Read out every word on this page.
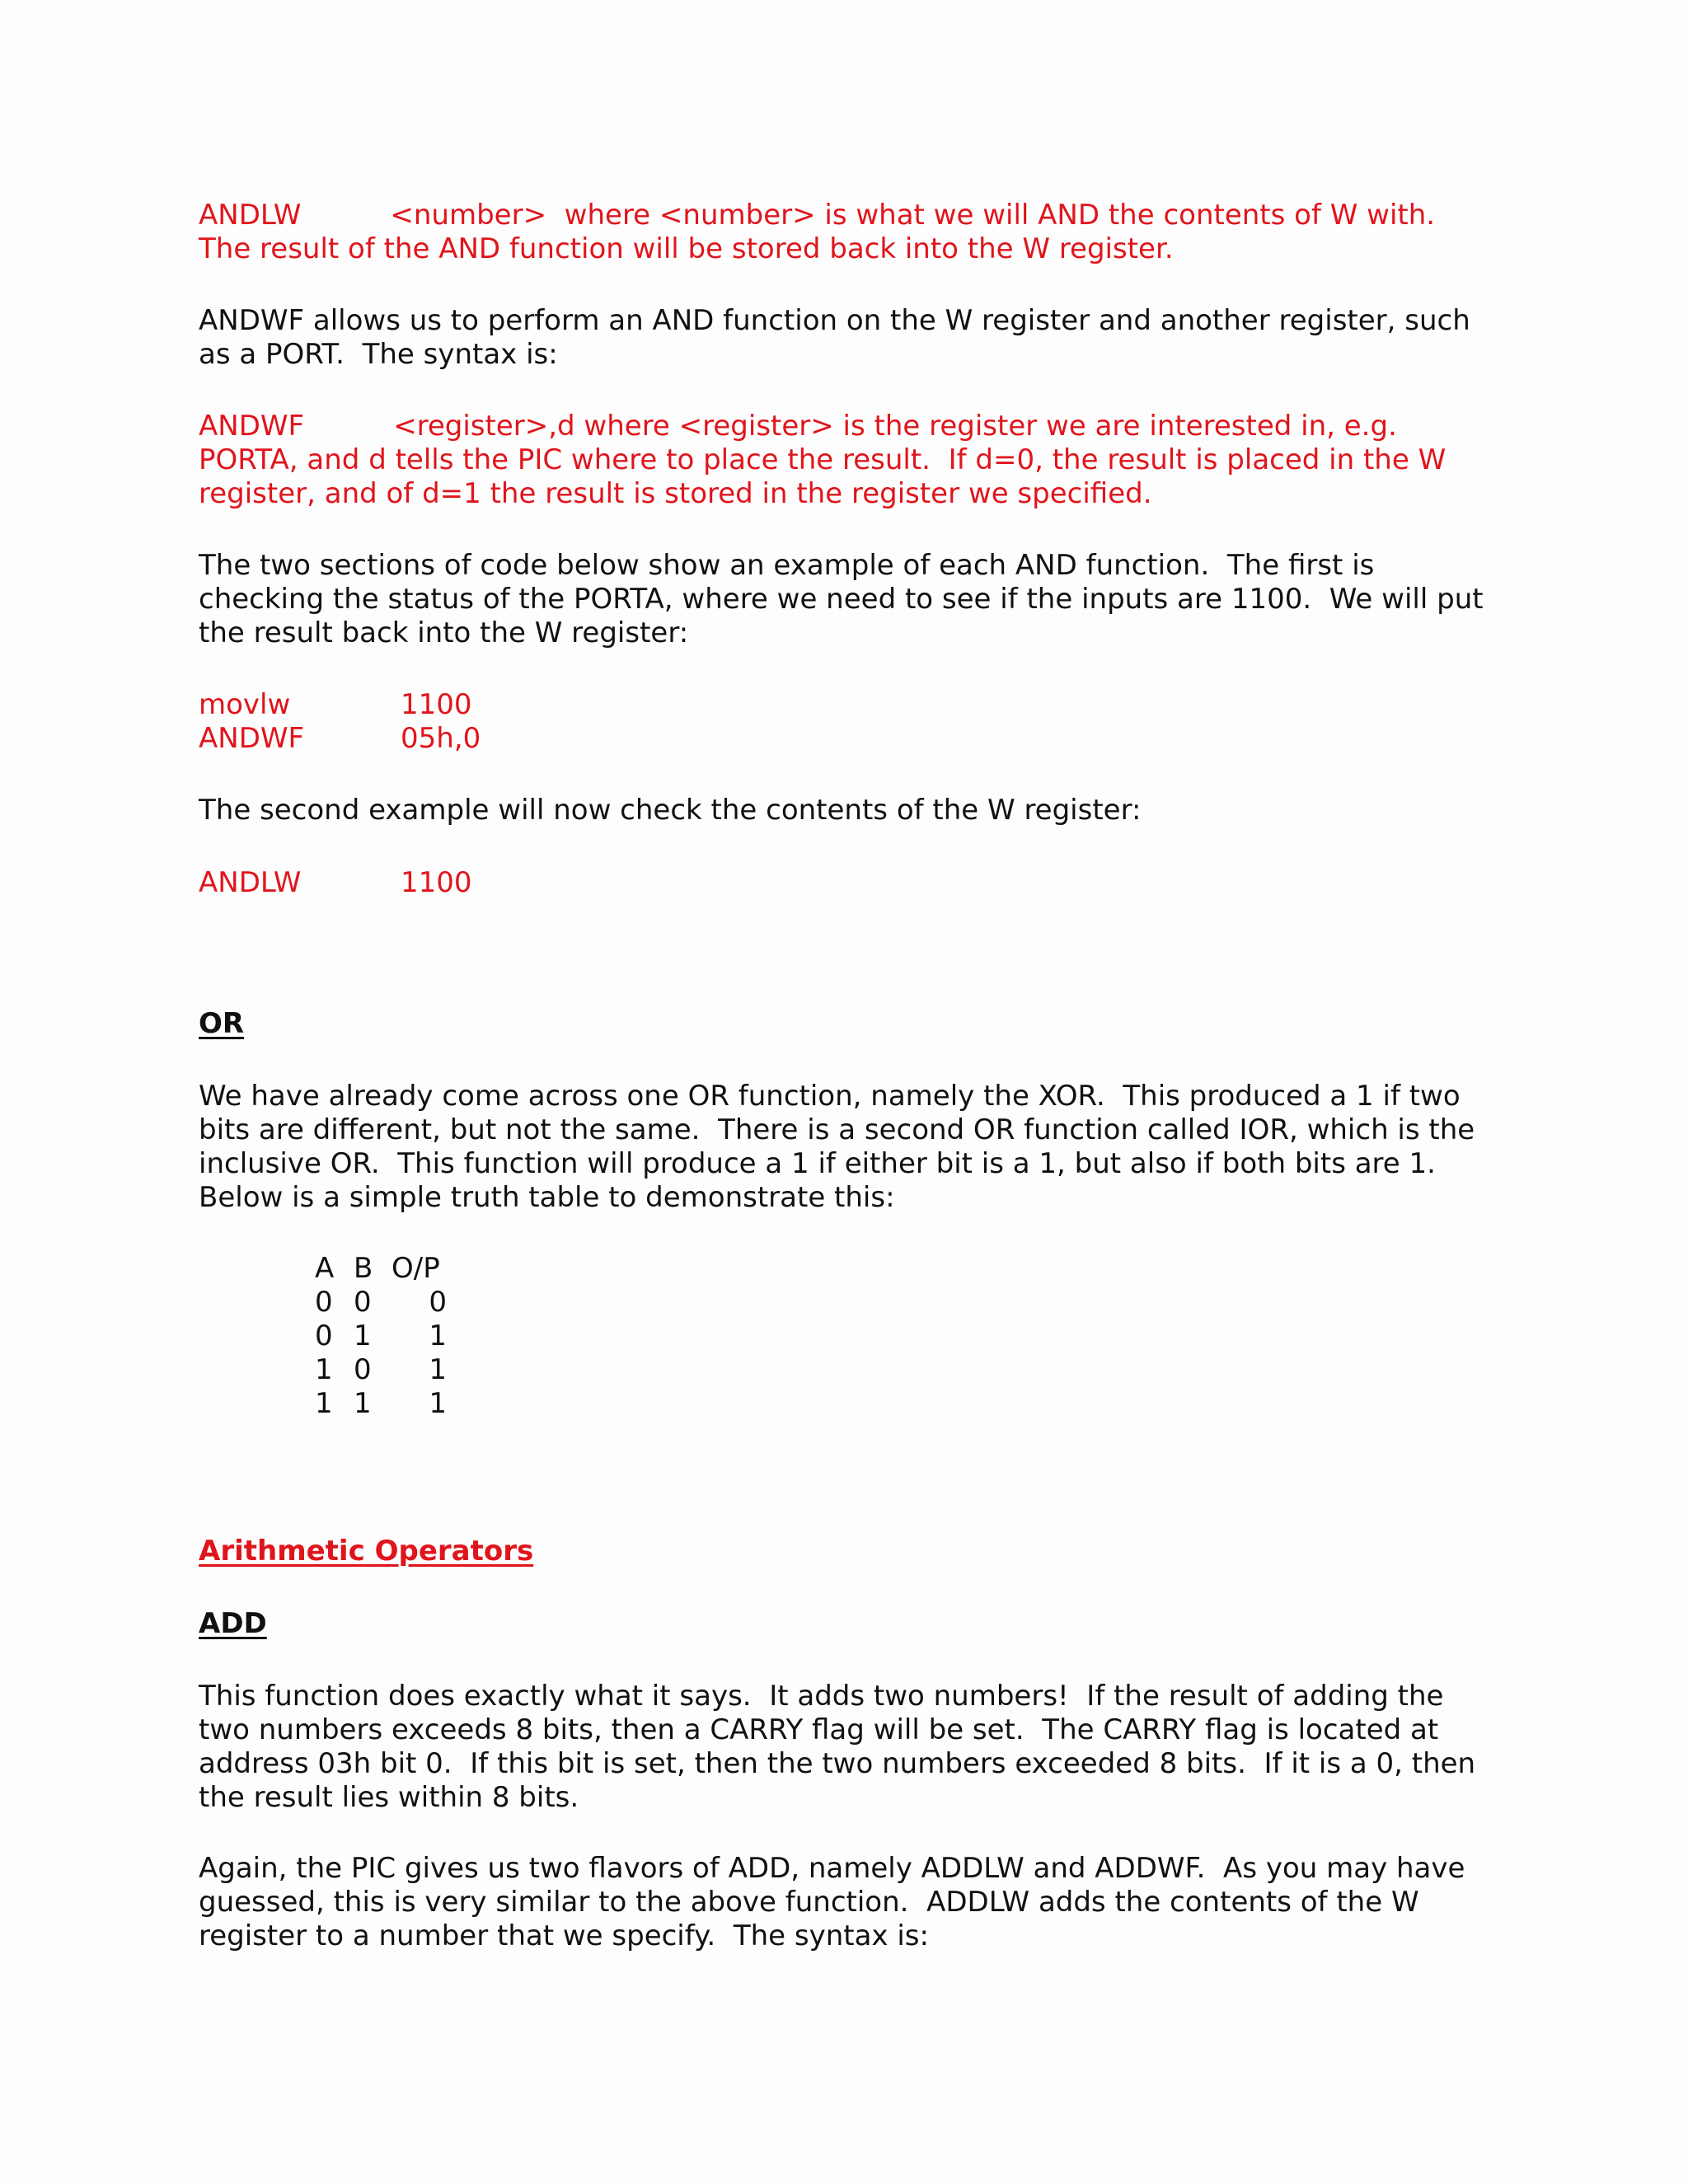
ANDLW          <number>  where <number> is what we will AND the contents of W with.

The result of the AND function will be stored back into the W register.

ANDWF allows us to perform an AND function on the W register and another register, such

as a PORT.  The syntax is:

ANDWF          <register>,d where <register> is the register we are interested in, e.g.

PORTA, and d tells the PIC where to place the result.  If d=0, the result is placed in the W

register, and of d=1 the result is stored in the register we specified.

The two sections of code below show an example of each AND function.  The first is

checking the status of the PORTA, where we need to see if the inputs are 1100.  We will put

the result back into the W register:

movlw	1100
ANDWF	05h,0

The second example will now check the contents of the W register:

ANDLW	1100

OR

We have already come across one OR function, namely the XOR.  This produced a 1 if two

bits are different, but not the same.  There is a second OR function called IOR, which is the

inclusive OR.  This function will produce a 1 if either bit is a 1, but also if both bits are 1.

Below is a simple truth table to demonstrate this:

A B O/P
0 0	0
0 1	1
1 0	1
1 1	1

Arithmetic Operators

ADD

This function does exactly what it says.  It adds two numbers!  If the result of adding the

two numbers exceeds 8 bits, then a CARRY flag will be set.  The CARRY flag is located at

address 03h bit 0.  If this bit is set, then the two numbers exceeded 8 bits.  If it is a 0, then

the result lies within 8 bits.

Again, the PIC gives us two flavors of ADD, namely ADDLW and ADDWF.  As you may have

guessed, this is very similar to the above function.  ADDLW adds the contents of the W

register to a number that we specify.  The syntax is:
